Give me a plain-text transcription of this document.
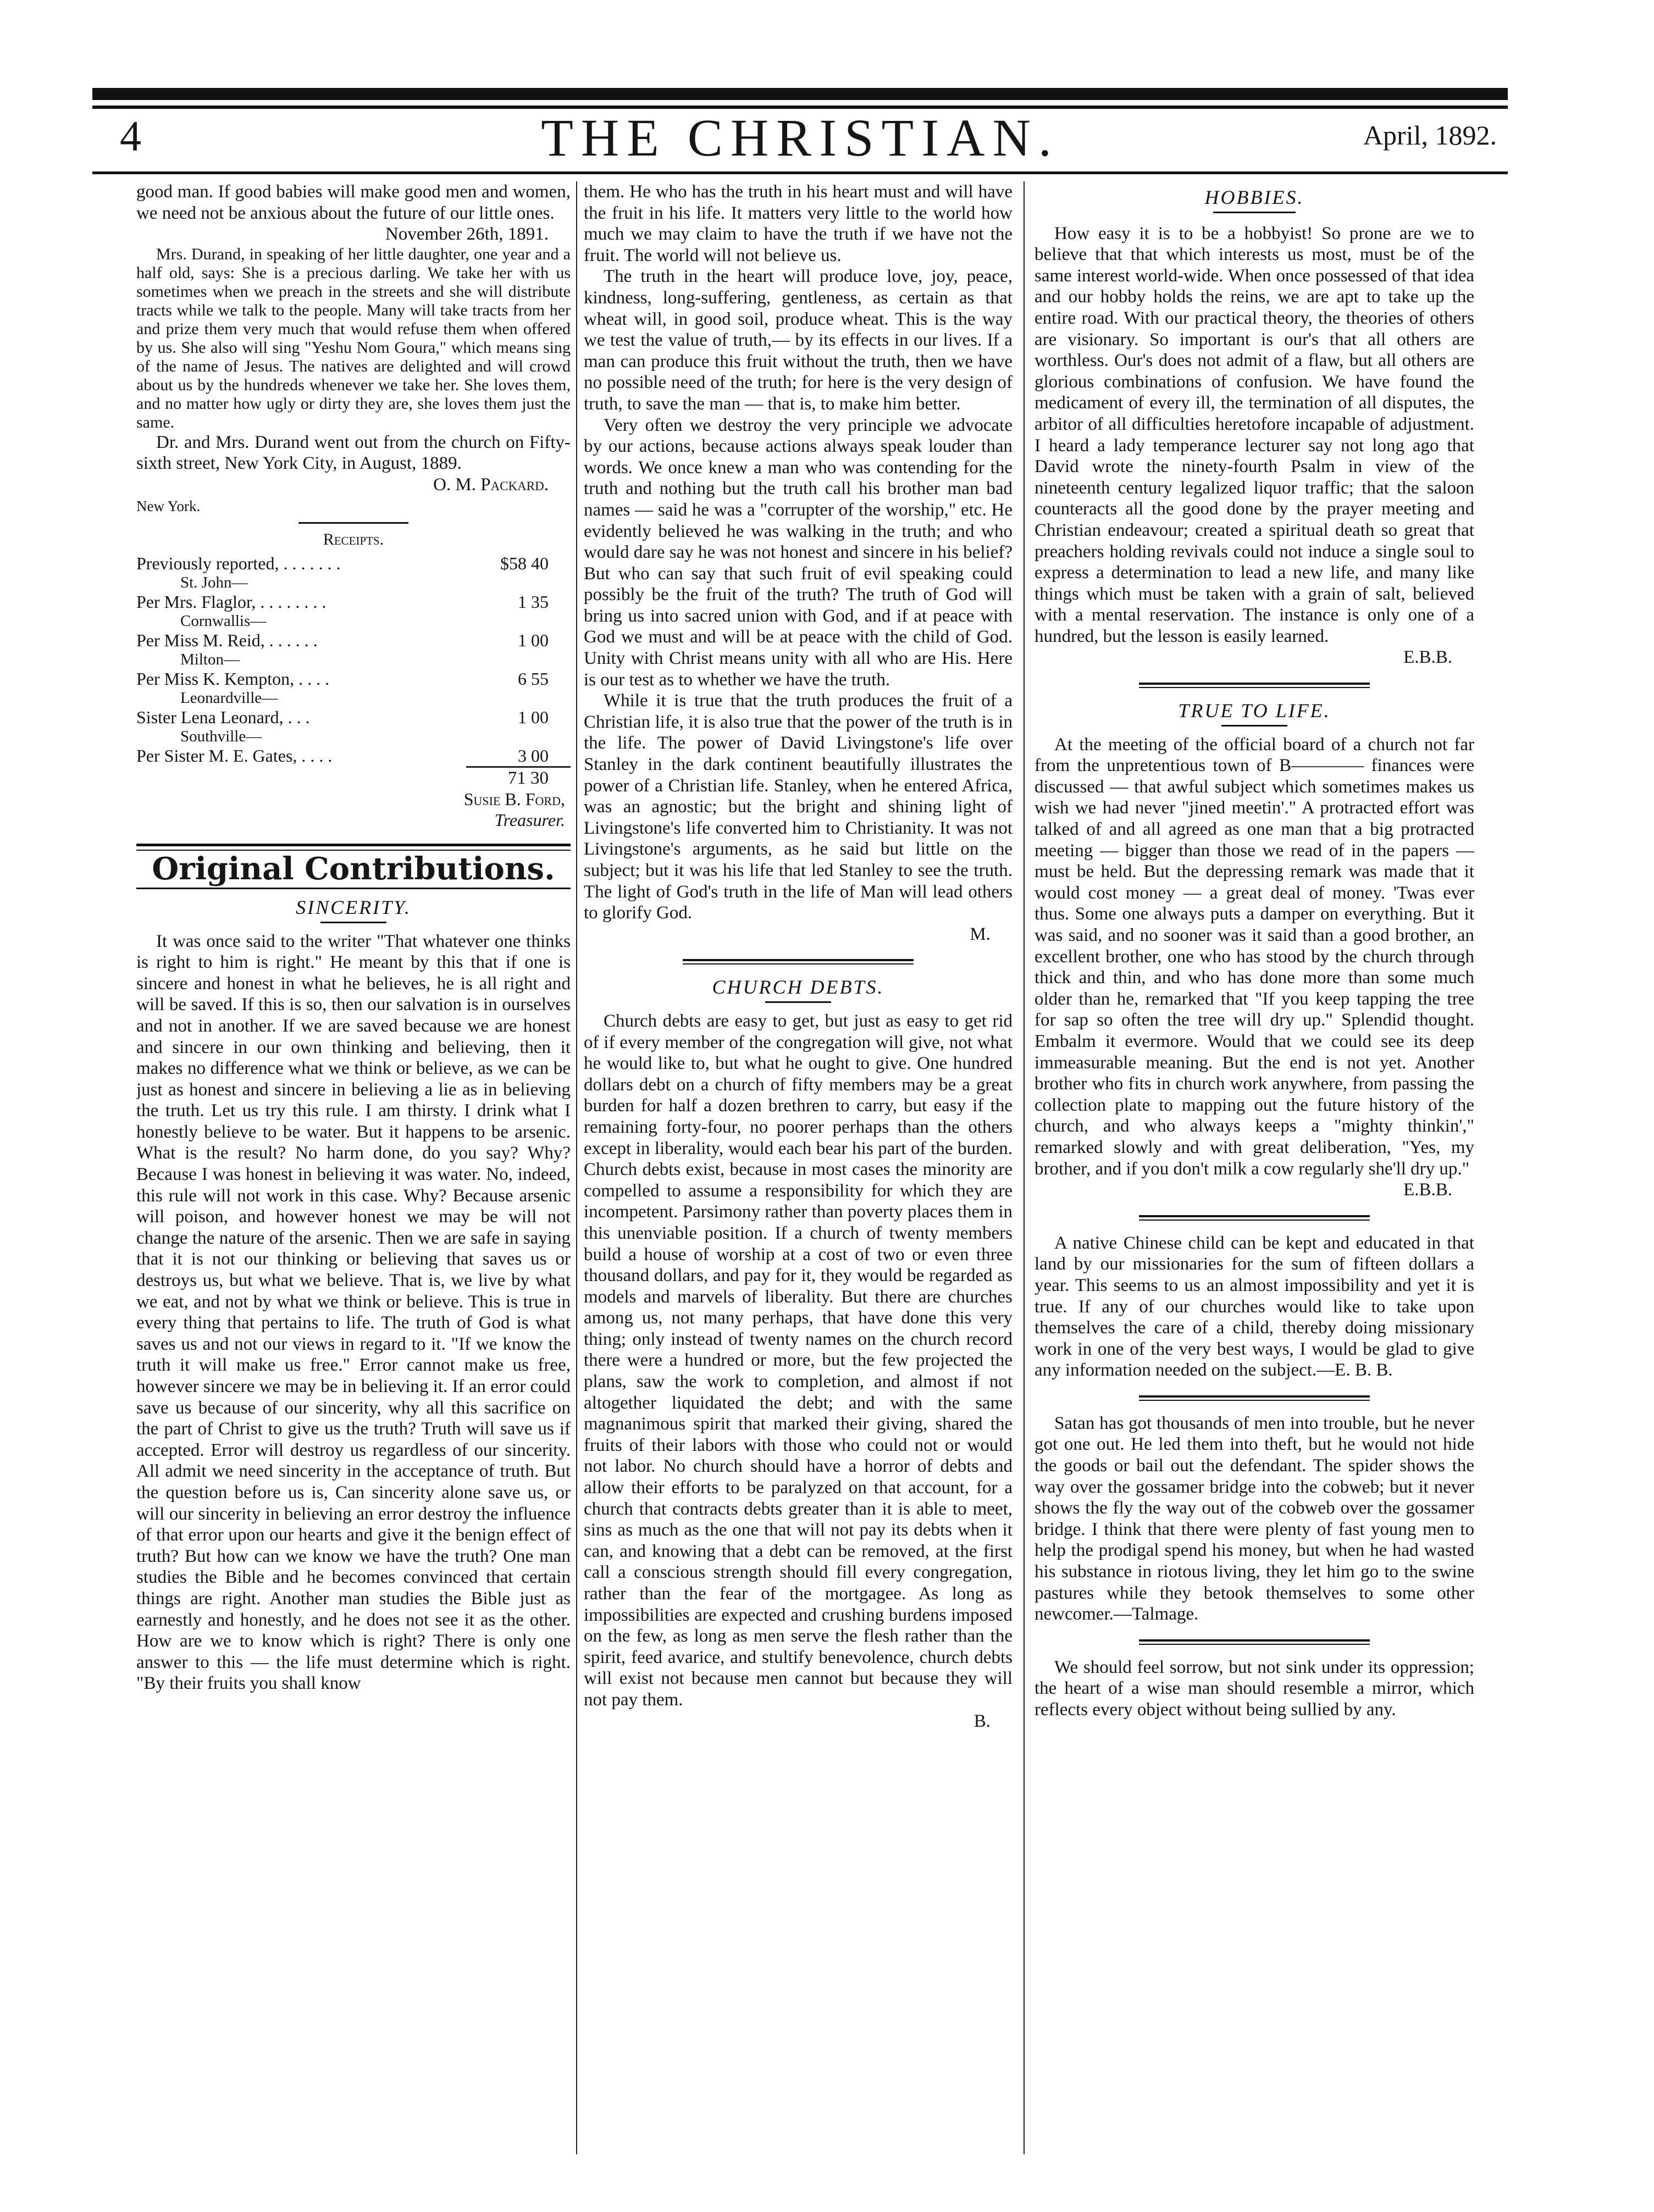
4	THE CHRISTIAN.	April, 1892.

good man. If good babies will make good men and women, we need not be anxious about the future of our little ones.

November 26th, 1891.

Mrs. Durand, in speaking of her little daughter, one year and a half old, says: She is a precious darling. We take her with us sometimes when we preach in the streets and she will distribute tracts while we talk to the people. Many will take tracts from her and prize them very much that would refuse them when offered by us. She also will sing "Yeshu Nom Goura," which means sing of the name of Jesus. The natives are delighted and will crowd about us by the hundreds whenever we take her. She loves them, and no matter how ugly or dirty they are, she loves them just the same.

Dr. and Mrs. Durand went out from the church on Fifty-sixth street, New York City, in August, 1889.

O. M. Packard.
New York.
Receipts.
Previously reported, . . . . . . .	$58 40
St. John—
Per Mrs. Flaglor, . . . . . . . .	1 35
Cornwallis—
Per Miss M. Reid, . . . . . .	1 00
Milton—
Per Miss K. Kempton, . . . .	6 55
Leonardville—
Sister Lena Leonard, . . .	1 00
Southville—
Per Sister M. E. Gates, . . . .	3 00
71 30
Susie B. Ford,
Treasurer.
Original Contributions.
SINCERITY.

It was once said to the writer "That whatever one thinks is right to him is right." He meant by this that if one is sincere and honest in what he believes, he is all right and will be saved. If this is so, then our salvation is in ourselves and not in another. If we are saved because we are honest and sincere in our own thinking and believing, then it makes no difference what we think or believe, as we can be just as honest and sincere in believing a lie as in believing the truth. Let us try this rule. I am thirsty. I drink what I honestly believe to be water. But it happens to be arsenic. What is the result? No harm done, do you say? Why? Because I was honest in believing it was water. No, indeed, this rule will not work in this case. Why? Because arsenic will poison, and however honest we may be will not change the nature of the arsenic. Then we are safe in saying that it is not our thinking or believing that saves us or destroys us, but what we believe. That is, we live by what we eat, and not by what we think or believe. This is true in every thing that pertains to life. The truth of God is what saves us and not our views in regard to it. "If we know the truth it will make us free." Error cannot make us free, however sincere we may be in believing it. If an error could save us because of our sincerity, why all this sacrifice on the part of Christ to give us the truth? Truth will save us if accepted. Error will destroy us regardless of our sincerity. All admit we need sincerity in the acceptance of truth. But the question before us is, Can sincerity alone save us, or will our sincerity in believing an error destroy the influence of that error upon our hearts and give it the benign effect of truth? But how can we know we have the truth? One man studies the Bible and he becomes convinced that certain things are right. Another man studies the Bible just as earnestly and honestly, and he does not see it as the other. How are we to know which is right? There is only one answer to this — the life must determine which is right. "By their fruits you shall know

them. He who has the truth in his heart must and will have the fruit in his life. It matters very little to the world how much we may claim to have the truth if we have not the fruit. The world will not believe us.

The truth in the heart will produce love, joy, peace, kindness, long-suffering, gentleness, as certain as that wheat will, in good soil, produce wheat. This is the way we test the value of truth,— by its effects in our lives. If a man can produce this fruit without the truth, then we have no possible need of the truth; for here is the very design of truth, to save the man — that is, to make him better.

Very often we destroy the very principle we advocate by our actions, because actions always speak louder than words. We once knew a man who was contending for the truth and nothing but the truth call his brother man bad names — said he was a "corrupter of the worship," etc. He evidently believed he was walking in the truth; and who would dare say he was not honest and sincere in his belief? But who can say that such fruit of evil speaking could possibly be the fruit of the truth? The truth of God will bring us into sacred union with God, and if at peace with God we must and will be at peace with the child of God. Unity with Christ means unity with all who are His. Here is our test as to whether we have the truth.

While it is true that the truth produces the fruit of a Christian life, it is also true that the power of the truth is in the life. The power of David Livingstone's life over Stanley in the dark continent beautifully illustrates the power of a Christian life. Stanley, when he entered Africa, was an agnostic; but the bright and shining light of Livingstone's life converted him to Christianity. It was not Livingstone's arguments, as he said but little on the subject; but it was his life that led Stanley to see the truth. The light of God's truth in the life of Man will lead others to glorify God.

M.
CHURCH DEBTS.

Church debts are easy to get, but just as easy to get rid of if every member of the congregation will give, not what he would like to, but what he ought to give. One hundred dollars debt on a church of fifty members may be a great burden for half a dozen brethren to carry, but easy if the remaining forty-four, no poorer perhaps than the others except in liberality, would each bear his part of the burden. Church debts exist, because in most cases the minority are compelled to assume a responsibility for which they are incompetent. Parsimony rather than poverty places them in this unenviable position. If a church of twenty members build a house of worship at a cost of two or even three thousand dollars, and pay for it, they would be regarded as models and marvels of liberality. But there are churches among us, not many perhaps, that have done this very thing; only instead of twenty names on the church record there were a hundred or more, but the few projected the plans, saw the work to completion, and almost if not altogether liquidated the debt; and with the same magnanimous spirit that marked their giving, shared the fruits of their labors with those who could not or would not labor. No church should have a horror of debts and allow their efforts to be paralyzed on that account, for a church that contracts debts greater than it is able to meet, sins as much as the one that will not pay its debts when it can, and knowing that a debt can be removed, at the first call a conscious strength should fill every congregation, rather than the fear of the mortgagee. As long as impossibilities are expected and crushing burdens imposed on the few, as long as men serve the flesh rather than the spirit, feed avarice, and stultify benevolence, church debts will exist not because men cannot but because they will not pay them.

B.
HOBBIES.

How easy it is to be a hobbyist! So prone are we to believe that that which interests us most, must be of the same interest world-wide. When once possessed of that idea and our hobby holds the reins, we are apt to take up the entire road. With our practical theory, the theories of others are visionary. So important is our's that all others are worthless. Our's does not admit of a flaw, but all others are glorious combinations of confusion. We have found the medicament of every ill, the termination of all disputes, the arbitor of all difficulties heretofore incapable of adjustment. I heard a lady temperance lecturer say not long ago that David wrote the ninety-fourth Psalm in view of the nineteenth century legalized liquor traffic; that the saloon counteracts all the good done by the prayer meeting and Christian endeavour; created a spiritual death so great that preachers holding revivals could not induce a single soul to express a determination to lead a new life, and many like things which must be taken with a grain of salt, believed with a mental reservation. The instance is only one of a hundred, but the lesson is easily learned.

E.B.B.
TRUE TO LIFE.

At the meeting of the official board of a church not far from the unpretentious town of B———— finances were discussed — that awful subject which sometimes makes us wish we had never "jined meetin'." A protracted effort was talked of and all agreed as one man that a big protracted meeting — bigger than those we read of in the papers — must be held. But the depressing remark was made that it would cost money — a great deal of money. 'Twas ever thus. Some one always puts a damper on everything. But it was said, and no sooner was it said than a good brother, an excellent brother, one who has stood by the church through thick and thin, and who has done more than some much older than he, remarked that "If you keep tapping the tree for sap so often the tree will dry up." Splendid thought. Embalm it evermore. Would that we could see its deep immeasurable meaning. But the end is not yet. Another brother who fits in church work anywhere, from passing the collection plate to mapping out the future history of the church, and who always keeps a "mighty thinkin'," remarked slowly and with great deliberation, "Yes, my brother, and if you don't milk a cow regularly she'll dry up."

E.B.B.

A native Chinese child can be kept and educated in that land by our missionaries for the sum of fifteen dollars a year. This seems to us an almost impossibility and yet it is true. If any of our churches would like to take upon themselves the care of a child, thereby doing missionary work in one of the very best ways, I would be glad to give any information needed on the subject.—E. B. B.

Satan has got thousands of men into trouble, but he never got one out. He led them into theft, but he would not hide the goods or bail out the defendant. The spider shows the way over the gossamer bridge into the cobweb; but it never shows the fly the way out of the cobweb over the gossamer bridge. I think that there were plenty of fast young men to help the prodigal spend his money, but when he had wasted his substance in riotous living, they let him go to the swine pastures while they betook themselves to some other newcomer.—Talmage.

We should feel sorrow, but not sink under its oppression; the heart of a wise man should resemble a mirror, which reflects every object without being sullied by any.
